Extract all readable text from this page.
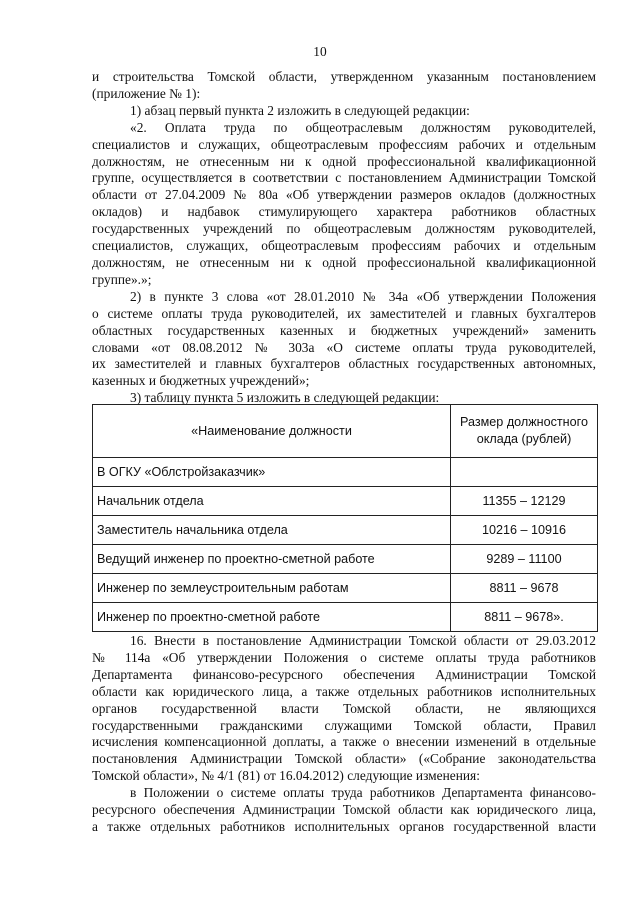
10

и строительства Томской области, утвержденном указанным постановлением

(приложение № 1):

1) абзац первый пункта 2 изложить в следующей редакции:

«2. Оплата труда по общеотраслевым должностям руководителей,

специалистов и служащих, общеотраслевым профессиям рабочих и отдельным

должностям, не отнесенным ни к одной профессиональной квалификационной

группе, осуществляется в соответствии с постановлением Администрации Томской

области от 27.04.2009 № 80а «Об утверждении размеров окладов (должностных

окладов) и надбавок стимулирующего характера работников областных

государственных учреждений по общеотраслевым должностям руководителей,

специалистов, служащих, общеотраслевым профессиям рабочих и отдельным

должностям, не отнесенным ни к одной профессиональной квалификационной

группе».»;

2) в пункте 3 слова «от 28.01.2010 № 34а «Об утверждении Положения

о системе оплаты труда руководителей, их заместителей и главных бухгалтеров

областных государственных казенных и бюджетных учреждений» заменить

словами «от 08.08.2012 № 303а «О системе оплаты труда руководителей,

их заместителей и главных бухгалтеров областных государственных автономных,

казенных и бюджетных учреждений»;

3) таблицу пункта 5 изложить в следующей редакции:

«Наименование должности	Размер должностного оклада (рублей)
В ОГКУ «Облстройзаказчик»	
Начальник отдела	11355 – 12129
Заместитель начальника отдела	10216 – 10916
Ведущий инженер по проектно-сметной работе	9289 – 11100
Инженер по землеустроительным работам	8811 – 9678
Инженер по проектно-сметной работе	8811 – 9678».

16. Внести в постановление Администрации Томской области от 29.03.2012

№ 114а «Об утверждении Положения о системе оплаты труда работников

Департамента финансово-ресурсного обеспечения Администрации Томской

области как юридического лица, а также отдельных работников исполнительных

органов государственной власти Томской области, не являющихся

государственными гражданскими служащими Томской области, Правил

исчисления компенсационной доплаты, а также о внесении изменений в отдельные

постановления Администрации Томской области» («Собрание законодательства

Томской области», № 4/1 (81) от 16.04.2012) следующие изменения:

в Положении о системе оплаты труда работников Департамента финансово-

ресурсного обеспечения Администрации Томской области как юридического лица,

а также отдельных работников исполнительных органов государственной власти
